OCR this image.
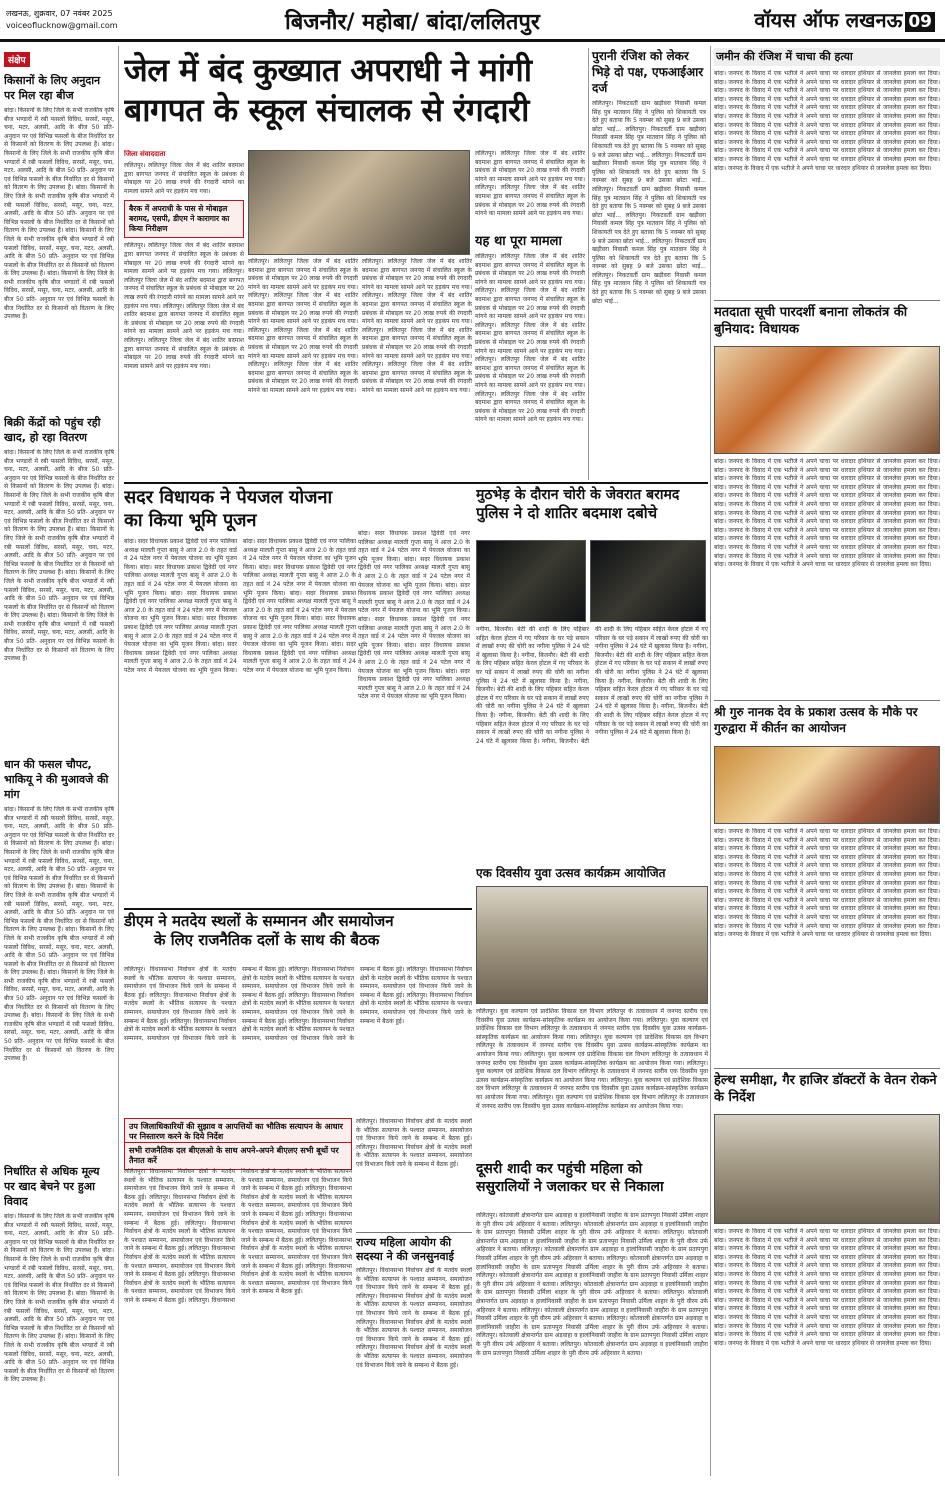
लखनऊ, शुक्रवार, 07 नवंबर 2025
voiceoflucknow@gmail.com	बिजनौर/ महोबा/ बांदा/ललितपुर	वॉयस ऑफ लखनऊ 09
संक्षेप
किसानों के लिए अनुदान पर मिल रहा बीज
बांदा। किसानों के लिए जिले के सभी राजकीय कृषि बीज भण्डारों में रबी फसलों विविध, सरसों, मसूर, चना, मटर, अलसी, आदि के बीज 50 प्रति- अनुदान पर एवं विभिन्न फसलों के बीज निर्धारित दर से किसानों को वितरण के लिए उपलब्ध हैं। बांदा। किसानों के लिए जिले के सभी राजकीय कृषि बीज भण्डारों में रबी फसलों विविध, सरसों, मसूर, चना, मटर, अलसी, आदि के बीज 50 प्रति- अनुदान पर एवं विभिन्न फसलों के बीज निर्धारित दर से किसानों को वितरण के लिए उपलब्ध हैं। बांदा। किसानों के लिए जिले के सभी राजकीय कृषि बीज भण्डारों में रबी फसलों विविध, सरसों, मसूर, चना, मटर, अलसी, आदि के बीज 50 प्रति- अनुदान पर एवं विभिन्न फसलों के बीज निर्धारित दर से किसानों को वितरण के लिए उपलब्ध हैं। बांदा। किसानों के लिए जिले के सभी राजकीय कृषि बीज भण्डारों में रबी फसलों विविध, सरसों, मसूर, चना, मटर, अलसी, आदि के बीज 50 प्रति- अनुदान पर एवं विभिन्न फसलों के बीज निर्धारित दर से किसानों को वितरण के लिए उपलब्ध हैं। बांदा। किसानों के लिए जिले के सभी राजकीय कृषि बीज भण्डारों में रबी फसलों विविध, सरसों, मसूर, चना, मटर, अलसी, आदि के बीज 50 प्रति- अनुदान पर एवं विभिन्न फसलों के बीज निर्धारित दर से किसानों को वितरण के लिए उपलब्ध हैं।
बिक्री केंद्रों को पहुंच रही खाद, हो रहा वितरण
बांदा। किसानों के लिए जिले के सभी राजकीय कृषि बीज भण्डारों में रबी फसलों विविध, सरसों, मसूर, चना, मटर, अलसी, आदि के बीज 50 प्रति- अनुदान पर एवं विभिन्न फसलों के बीज निर्धारित दर से किसानों को वितरण के लिए उपलब्ध हैं। बांदा। किसानों के लिए जिले के सभी राजकीय कृषि बीज भण्डारों में रबी फसलों विविध, सरसों, मसूर, चना, मटर, अलसी, आदि के बीज 50 प्रति- अनुदान पर एवं विभिन्न फसलों के बीज निर्धारित दर से किसानों को वितरण के लिए उपलब्ध हैं। बांदा। किसानों के लिए जिले के सभी राजकीय कृषि बीज भण्डारों में रबी फसलों विविध, सरसों, मसूर, चना, मटर, अलसी, आदि के बीज 50 प्रति- अनुदान पर एवं विभिन्न फसलों के बीज निर्धारित दर से किसानों को वितरण के लिए उपलब्ध हैं। बांदा। किसानों के लिए जिले के सभी राजकीय कृषि बीज भण्डारों में रबी फसलों विविध, सरसों, मसूर, चना, मटर, अलसी, आदि के बीज 50 प्रति- अनुदान पर एवं विभिन्न फसलों के बीज निर्धारित दर से किसानों को वितरण के लिए उपलब्ध हैं। बांदा। किसानों के लिए जिले के सभी राजकीय कृषि बीज भण्डारों में रबी फसलों विविध, सरसों, मसूर, चना, मटर, अलसी, आदि के बीज 50 प्रति- अनुदान पर एवं विभिन्न फसलों के बीज निर्धारित दर से किसानों को वितरण के लिए उपलब्ध हैं।
धान की फसल चौपट, भाकियू ने की मुआवजे की मांग
बांदा। किसानों के लिए जिले के सभी राजकीय कृषि बीज भण्डारों में रबी फसलों विविध, सरसों, मसूर, चना, मटर, अलसी, आदि के बीज 50 प्रति- अनुदान पर एवं विभिन्न फसलों के बीज निर्धारित दर से किसानों को वितरण के लिए उपलब्ध हैं। बांदा। किसानों के लिए जिले के सभी राजकीय कृषि बीज भण्डारों में रबी फसलों विविध, सरसों, मसूर, चना, मटर, अलसी, आदि के बीज 50 प्रति- अनुदान पर एवं विभिन्न फसलों के बीज निर्धारित दर से किसानों को वितरण के लिए उपलब्ध हैं। बांदा। किसानों के लिए जिले के सभी राजकीय कृषि बीज भण्डारों में रबी फसलों विविध, सरसों, मसूर, चना, मटर, अलसी, आदि के बीज 50 प्रति- अनुदान पर एवं विभिन्न फसलों के बीज निर्धारित दर से किसानों को वितरण के लिए उपलब्ध हैं। बांदा। किसानों के लिए जिले के सभी राजकीय कृषि बीज भण्डारों में रबी फसलों विविध, सरसों, मसूर, चना, मटर, अलसी, आदि के बीज 50 प्रति- अनुदान पर एवं विभिन्न फसलों के बीज निर्धारित दर से किसानों को वितरण के लिए उपलब्ध हैं। बांदा। किसानों के लिए जिले के सभी राजकीय कृषि बीज भण्डारों में रबी फसलों विविध, सरसों, मसूर, चना, मटर, अलसी, आदि के बीज 50 प्रति- अनुदान पर एवं विभिन्न फसलों के बीज निर्धारित दर से किसानों को वितरण के लिए उपलब्ध हैं। बांदा। किसानों के लिए जिले के सभी राजकीय कृषि बीज भण्डारों में रबी फसलों विविध, सरसों, मसूर, चना, मटर, अलसी, आदि के बीज 50 प्रति- अनुदान पर एवं विभिन्न फसलों के बीज निर्धारित दर से किसानों को वितरण के लिए उपलब्ध हैं।
निर्धारित से अधिक मूल्य पर खाद बेचने पर हुआ विवाद
बांदा। किसानों के लिए जिले के सभी राजकीय कृषि बीज भण्डारों में रबी फसलों विविध, सरसों, मसूर, चना, मटर, अलसी, आदि के बीज 50 प्रति- अनुदान पर एवं विभिन्न फसलों के बीज निर्धारित दर से किसानों को वितरण के लिए उपलब्ध हैं। बांदा। किसानों के लिए जिले के सभी राजकीय कृषि बीज भण्डारों में रबी फसलों विविध, सरसों, मसूर, चना, मटर, अलसी, आदि के बीज 50 प्रति- अनुदान पर एवं विभिन्न फसलों के बीज निर्धारित दर से किसानों को वितरण के लिए उपलब्ध हैं। बांदा। किसानों के लिए जिले के सभी राजकीय कृषि बीज भण्डारों में रबी फसलों विविध, सरसों, मसूर, चना, मटर, अलसी, आदि के बीज 50 प्रति- अनुदान पर एवं विभिन्न फसलों के बीज निर्धारित दर से किसानों को वितरण के लिए उपलब्ध हैं। बांदा। किसानों के लिए जिले के सभी राजकीय कृषि बीज भण्डारों में रबी फसलों विविध, सरसों, मसूर, चना, मटर, अलसी, आदि के बीज 50 प्रति- अनुदान पर एवं विभिन्न फसलों के बीज निर्धारित दर से किसानों को वितरण के लिए उपलब्ध हैं।
जेल में बंद कुख्यात अपराधी ने मांगी
बागपत के स्कूल संचालक से रंगदारी
जिला संवाददाता
ललितपुर। ललितपुर जिला जेल में बंद शातिर बदमाश द्वारा बागपत जनपद में संचालित स्कूल के प्रबंधक से मोबाइल पर 20 लाख रुपये की रंगदारी मांगने का मामला सामने आने पर हड़कंप मच गया।
बैरक में अपराधी के पास से मोबाइल बरामद, एसपी, डीएम ने कारागार का किया निरीक्षण
ललितपुर। ललितपुर जिला जेल में बंद शातिर बदमाश द्वारा बागपत जनपद में संचालित स्कूल के प्रबंधक से मोबाइल पर 20 लाख रुपये की रंगदारी मांगने का मामला सामने आने पर हड़कंप मच गया। ललितपुर। ललितपुर जिला जेल में बंद शातिर बदमाश द्वारा बागपत जनपद में संचालित स्कूल के प्रबंधक से मोबाइल पर 20 लाख रुपये की रंगदारी मांगने का मामला सामने आने पर हड़कंप मच गया। ललितपुर। ललितपुर जिला जेल में बंद शातिर बदमाश द्वारा बागपत जनपद में संचालित स्कूल के प्रबंधक से मोबाइल पर 20 लाख रुपये की रंगदारी मांगने का मामला सामने आने पर हड़कंप मच गया। ललितपुर। ललितपुर जिला जेल में बंद शातिर बदमाश द्वारा बागपत जनपद में संचालित स्कूल के प्रबंधक से मोबाइल पर 20 लाख रुपये की रंगदारी मांगने का मामला सामने आने पर हड़कंप मच गया।
ललितपुर। ललितपुर जिला जेल में बंद शातिर बदमाश द्वारा बागपत जनपद में संचालित स्कूल के प्रबंधक से मोबाइल पर 20 लाख रुपये की रंगदारी मांगने का मामला सामने आने पर हड़कंप मच गया। ललितपुर। ललितपुर जिला जेल में बंद शातिर बदमाश द्वारा बागपत जनपद में संचालित स्कूल के प्रबंधक से मोबाइल पर 20 लाख रुपये की रंगदारी मांगने का मामला सामने आने पर हड़कंप मच गया। ललितपुर। ललितपुर जिला जेल में बंद शातिर बदमाश द्वारा बागपत जनपद में संचालित स्कूल के प्रबंधक से मोबाइल पर 20 लाख रुपये की रंगदारी मांगने का मामला सामने आने पर हड़कंप मच गया। ललितपुर। ललितपुर जिला जेल में बंद शातिर बदमाश द्वारा बागपत जनपद में संचालित स्कूल के प्रबंधक से मोबाइल पर 20 लाख रुपये की रंगदारी मांगने का मामला सामने आने पर हड़कंप मच गया।
ललितपुर। ललितपुर जिला जेल में बंद शातिर बदमाश द्वारा बागपत जनपद में संचालित स्कूल के प्रबंधक से मोबाइल पर 20 लाख रुपये की रंगदारी मांगने का मामला सामने आने पर हड़कंप मच गया। ललितपुर। ललितपुर जिला जेल में बंद शातिर बदमाश द्वारा बागपत जनपद में संचालित स्कूल के प्रबंधक से मोबाइल पर 20 लाख रुपये की रंगदारी मांगने का मामला सामने आने पर हड़कंप मच गया। ललितपुर। ललितपुर जिला जेल में बंद शातिर बदमाश द्वारा बागपत जनपद में संचालित स्कूल के प्रबंधक से मोबाइल पर 20 लाख रुपये की रंगदारी मांगने का मामला सामने आने पर हड़कंप मच गया। ललितपुर। ललितपुर जिला जेल में बंद शातिर बदमाश द्वारा बागपत जनपद में संचालित स्कूल के प्रबंधक से मोबाइल पर 20 लाख रुपये की रंगदारी मांगने का मामला सामने आने पर हड़कंप मच गया।
ललितपुर। ललितपुर जिला जेल में बंद शातिर बदमाश द्वारा बागपत जनपद में संचालित स्कूल के प्रबंधक से मोबाइल पर 20 लाख रुपये की रंगदारी मांगने का मामला सामने आने पर हड़कंप मच गया। ललितपुर। ललितपुर जिला जेल में बंद शातिर बदमाश द्वारा बागपत जनपद में संचालित स्कूल के प्रबंधक से मोबाइल पर 20 लाख रुपये की रंगदारी मांगने का मामला सामने आने पर हड़कंप मच गया।
यह था पूरा मामला
ललितपुर। ललितपुर जिला जेल में बंद शातिर बदमाश द्वारा बागपत जनपद में संचालित स्कूल के प्रबंधक से मोबाइल पर 20 लाख रुपये की रंगदारी मांगने का मामला सामने आने पर हड़कंप मच गया। ललितपुर। ललितपुर जिला जेल में बंद शातिर बदमाश द्वारा बागपत जनपद में संचालित स्कूल के प्रबंधक से मोबाइल पर 20 लाख रुपये की रंगदारी मांगने का मामला सामने आने पर हड़कंप मच गया। ललितपुर। ललितपुर जिला जेल में बंद शातिर बदमाश द्वारा बागपत जनपद में संचालित स्कूल के प्रबंधक से मोबाइल पर 20 लाख रुपये की रंगदारी मांगने का मामला सामने आने पर हड़कंप मच गया। ललितपुर। ललितपुर जिला जेल में बंद शातिर बदमाश द्वारा बागपत जनपद में संचालित स्कूल के प्रबंधक से मोबाइल पर 20 लाख रुपये की रंगदारी मांगने का मामला सामने आने पर हड़कंप मच गया। ललितपुर। ललितपुर जिला जेल में बंद शातिर बदमाश द्वारा बागपत जनपद में संचालित स्कूल के प्रबंधक से मोबाइल पर 20 लाख रुपये की रंगदारी मांगने का मामला सामने आने पर हड़कंप मच गया।
पुरानी रंजिश को लेकर भिड़े दो पक्ष, एफआईआर दर्ज
ललितपुर। निकटवर्ती ग्राम खड़ीवरा निवासी कमल सिंह पुत्र मातवान सिंह ने पुलिस को शिकायती पत्र देते हुए बताया कि 5 नवम्बर को सुबह 9 बजे उसका छोटा भाई... ललितपुर। निकटवर्ती ग्राम खड़ीवरा निवासी कमल सिंह पुत्र मातवान सिंह ने पुलिस को शिकायती पत्र देते हुए बताया कि 5 नवम्बर को सुबह 9 बजे उसका छोटा भाई... ललितपुर। निकटवर्ती ग्राम खड़ीवरा निवासी कमल सिंह पुत्र मातवान सिंह ने पुलिस को शिकायती पत्र देते हुए बताया कि 5 नवम्बर को सुबह 9 बजे उसका छोटा भाई... ललितपुर। निकटवर्ती ग्राम खड़ीवरा निवासी कमल सिंह पुत्र मातवान सिंह ने पुलिस को शिकायती पत्र देते हुए बताया कि 5 नवम्बर को सुबह 9 बजे उसका छोटा भाई... ललितपुर। निकटवर्ती ग्राम खड़ीवरा निवासी कमल सिंह पुत्र मातवान सिंह ने पुलिस को शिकायती पत्र देते हुए बताया कि 5 नवम्बर को सुबह 9 बजे उसका छोटा भाई... ललितपुर। निकटवर्ती ग्राम खड़ीवरा निवासी कमल सिंह पुत्र मातवान सिंह ने पुलिस को शिकायती पत्र देते हुए बताया कि 5 नवम्बर को सुबह 9 बजे उसका छोटा भाई... ललितपुर। निकटवर्ती ग्राम खड़ीवरा निवासी कमल सिंह पुत्र मातवान सिंह ने पुलिस को शिकायती पत्र देते हुए बताया कि 5 नवम्बर को सुबह 9 बजे उसका छोटा भाई...
सदर विधायक ने पेयजल योजना का किया भूमि पूजन
बांदा। सदर विधायक प्रकाश द्विवेदी एवं नगर पालिका अध्यक्ष मालती गुप्ता बासु ने आज 2.0 के तहत वार्ड नं 24 पटेल नगर में पेयजल योजना का भूमि पूजन किया। बांदा। सदर विधायक प्रकाश द्विवेदी एवं नगर पालिका अध्यक्ष मालती गुप्ता बासु ने आज 2.0 के तहत वार्ड नं 24 पटेल नगर में पेयजल योजना का भूमि पूजन किया। बांदा। सदर विधायक प्रकाश द्विवेदी एवं नगर पालिका अध्यक्ष मालती गुप्ता बासु ने आज 2.0 के तहत वार्ड नं 24 पटेल नगर में पेयजल योजना का भूमि पूजन किया। बांदा। सदर विधायक प्रकाश द्विवेदी एवं नगर पालिका अध्यक्ष मालती गुप्ता बासु ने आज 2.0 के तहत वार्ड नं 24 पटेल नगर में पेयजल योजना का भूमि पूजन किया। बांदा। सदर विधायक प्रकाश द्विवेदी एवं नगर पालिका अध्यक्ष मालती गुप्ता बासु ने आज 2.0 के तहत वार्ड नं 24 पटेल नगर में पेयजल योजना का भूमि पूजन किया। बांदा। सदर विधायक प्रकाश द्विवेदी एवं नगर पालिका अध्यक्ष मालती गुप्ता बासु ने आज 2.0 के तहत वार्ड नं 24 पटेल नगर में पेयजल योजना का भूमि पूजन किया। बांदा। सदर विधायक प्रकाश द्विवेदी एवं नगर पालिका अध्यक्ष मालती गुप्ता बासु ने आज 2.0 के तहत वार्ड नं 24 पटेल नगर में पेयजल योजना का भूमि पूजन किया। बांदा। सदर विधायक प्रकाश द्विवेदी एवं नगर पालिका अध्यक्ष मालती गुप्ता बासु ने आज 2.0 के तहत वार्ड नं 24 पटेल नगर में पेयजल योजना का भूमि पूजन किया। बांदा। सदर विधायक प्रकाश द्विवेदी एवं नगर पालिका अध्यक्ष मालती गुप्ता बासु ने आज 2.0 के तहत वार्ड नं 24 पटेल नगर में पेयजल योजना का भूमि पूजन किया। बांदा। सदर विधायक प्रकाश द्विवेदी एवं नगर पालिका अध्यक्ष मालती गुप्ता बासु ने आज 2.0 के तहत वार्ड नं 24 पटेल नगर में पेयजल योजना का भूमि पूजन किया।
बांदा। सदर विधायक प्रकाश द्विवेदी एवं नगर पालिका अध्यक्ष मालती गुप्ता बासु ने आज 2.0 के तहत वार्ड नं 24 पटेल नगर में पेयजल योजना का भूमि पूजन किया। बांदा। सदर विधायक प्रकाश द्विवेदी एवं नगर पालिका अध्यक्ष मालती गुप्ता बासु ने आज 2.0 के तहत वार्ड नं 24 पटेल नगर में पेयजल योजना का भूमि पूजन किया। बांदा। सदर विधायक प्रकाश द्विवेदी एवं नगर पालिका अध्यक्ष मालती गुप्ता बासु ने आज 2.0 के तहत वार्ड नं 24 पटेल नगर में पेयजल योजना का भूमि पूजन किया। बांदा। सदर विधायक प्रकाश द्विवेदी एवं नगर पालिका अध्यक्ष मालती गुप्ता बासु ने आज 2.0 के तहत वार्ड नं 24 पटेल नगर में पेयजल योजना का भूमि पूजन किया। बांदा। सदर विधायक प्रकाश द्विवेदी एवं नगर पालिका अध्यक्ष मालती गुप्ता बासु ने आज 2.0 के तहत वार्ड नं 24 पटेल नगर में पेयजल योजना का भूमि पूजन किया। बांदा। सदर विधायक प्रकाश द्विवेदी एवं नगर पालिका अध्यक्ष मालती गुप्ता बासु ने आज 2.0 के तहत वार्ड नं 24 पटेल नगर में पेयजल योजना का भूमि पूजन किया।
मुठभेड़ के दौरान चोरी के जेवरात बरामद
पुलिस ने दो शातिर बदमाश दबोचे
नगीना, बिजनौर। बेटी की शादी के लिए पहिबार सहित केरल होटल में गए परिवार के घर पड़े सकान में लाखों रुपए की चोरी का नगीना पुलिस ने 24 घंटे में खुलासा किया है। नगीना, बिजनौर। बेटी की शादी के लिए पहिबार सहित केरल होटल में गए परिवार के घर पड़े सकान में लाखों रुपए की चोरी का नगीना पुलिस ने 24 घंटे में खुलासा किया है। नगीना, बिजनौर। बेटी की शादी के लिए पहिबार सहित केरल होटल में गए परिवार के घर पड़े सकान में लाखों रुपए की चोरी का नगीना पुलिस ने 24 घंटे में खुलासा किया है। नगीना, बिजनौर। बेटी की शादी के लिए पहिबार सहित केरल होटल में गए परिवार के घर पड़े सकान में लाखों रुपए की चोरी का नगीना पुलिस ने 24 घंटे में खुलासा किया है। नगीना, बिजनौर। बेटी की शादी के लिए पहिबार सहित केरल होटल में गए परिवार के घर पड़े सकान में लाखों रुपए की चोरी का नगीना पुलिस ने 24 घंटे में खुलासा किया है। नगीना, बिजनौर। बेटी की शादी के लिए पहिबार सहित केरल होटल में गए परिवार के घर पड़े सकान में लाखों रुपए की चोरी का नगीना पुलिस ने 24 घंटे में खुलासा किया है। नगीना, बिजनौर। बेटी की शादी के लिए पहिबार सहित केरल होटल में गए परिवार के घर पड़े सकान में लाखों रुपए की चोरी का नगीना पुलिस ने 24 घंटे में खुलासा किया है। नगीना, बिजनौर। बेटी की शादी के लिए पहिबार सहित केरल होटल में गए परिवार के घर पड़े सकान में लाखों रुपए की चोरी का नगीना पुलिस ने 24 घंटे में खुलासा किया है।
डीएम ने मतदेय स्थलों के सम्मानन और समायोजन
के लिए राजनैतिक दलों के साथ की बैठक
ललितपुर। विधानसभा निर्वाचन क्षेत्रों के मतदेय स्थलों के भौतिक सत्यापन के पश्चात सम्मानन, समायोजन एवं विभाजन किये जाने के सम्बन्ध में बैठक हुई। ललितपुर। विधानसभा निर्वाचन क्षेत्रों के मतदेय स्थलों के भौतिक सत्यापन के पश्चात सम्मानन, समायोजन एवं विभाजन किये जाने के सम्बन्ध में बैठक हुई। ललितपुर। विधानसभा निर्वाचन क्षेत्रों के मतदेय स्थलों के भौतिक सत्यापन के पश्चात सम्मानन, समायोजन एवं विभाजन किये जाने के सम्बन्ध में बैठक हुई। ललितपुर। विधानसभा निर्वाचन क्षेत्रों के मतदेय स्थलों के भौतिक सत्यापन के पश्चात सम्मानन, समायोजन एवं विभाजन किये जाने के सम्बन्ध में बैठक हुई। ललितपुर। विधानसभा निर्वाचन क्षेत्रों के मतदेय स्थलों के भौतिक सत्यापन के पश्चात सम्मानन, समायोजन एवं विभाजन किये जाने के सम्बन्ध में बैठक हुई। ललितपुर। विधानसभा निर्वाचन क्षेत्रों के मतदेय स्थलों के भौतिक सत्यापन के पश्चात सम्मानन, समायोजन एवं विभाजन किये जाने के सम्बन्ध में बैठक हुई। ललितपुर। विधानसभा निर्वाचन क्षेत्रों के मतदेय स्थलों के भौतिक सत्यापन के पश्चात सम्मानन, समायोजन एवं विभाजन किये जाने के सम्बन्ध में बैठक हुई। ललितपुर। विधानसभा निर्वाचन क्षेत्रों के मतदेय स्थलों के भौतिक सत्यापन के पश्चात सम्मानन, समायोजन एवं विभाजन किये जाने के सम्बन्ध में बैठक हुई।
उप जिलाधिकारियों की सुझाव व आपत्तियों का भौतिक सत्यापन के आधार पर निस्तारण करने के दिये निर्देश
सभी राजनैतिक दल बीएलओ के साथ अपने-अपने बीएलए सभी बूथों पर तैनात करें
ललितपुर। विधानसभा निर्वाचन क्षेत्रों के मतदेय स्थलों के भौतिक सत्यापन के पश्चात सम्मानन, समायोजन एवं विभाजन किये जाने के सम्बन्ध में बैठक हुई। ललितपुर। विधानसभा निर्वाचन क्षेत्रों के मतदेय स्थलों के भौतिक सत्यापन के पश्चात सम्मानन, समायोजन एवं विभाजन किये जाने के सम्बन्ध में बैठक हुई। ललितपुर। विधानसभा निर्वाचन क्षेत्रों के मतदेय स्थलों के भौतिक सत्यापन के पश्चात सम्मानन, समायोजन एवं विभाजन किये जाने के सम्बन्ध में बैठक हुई। ललितपुर। विधानसभा निर्वाचन क्षेत्रों के मतदेय स्थलों के भौतिक सत्यापन के पश्चात सम्मानन, समायोजन एवं विभाजन किये जाने के सम्बन्ध में बैठक हुई। ललितपुर। विधानसभा निर्वाचन क्षेत्रों के मतदेय स्थलों के भौतिक सत्यापन के पश्चात सम्मानन, समायोजन एवं विभाजन किये जाने के सम्बन्ध में बैठक हुई। ललितपुर। विधानसभा निर्वाचन क्षेत्रों के मतदेय स्थलों के भौतिक सत्यापन के पश्चात सम्मानन, समायोजन एवं विभाजन किये जाने के सम्बन्ध में बैठक हुई। ललितपुर। विधानसभा निर्वाचन क्षेत्रों के मतदेय स्थलों के भौतिक सत्यापन के पश्चात सम्मानन, समायोजन एवं विभाजन किये जाने के सम्बन्ध में बैठक हुई। ललितपुर। विधानसभा निर्वाचन क्षेत्रों के मतदेय स्थलों के भौतिक सत्यापन के पश्चात सम्मानन, समायोजन एवं विभाजन किये जाने के सम्बन्ध में बैठक हुई। ललितपुर। विधानसभा निर्वाचन क्षेत्रों के मतदेय स्थलों के भौतिक सत्यापन के पश्चात सम्मानन, समायोजन एवं विभाजन किये जाने के सम्बन्ध में बैठक हुई। ललितपुर। विधानसभा निर्वाचन क्षेत्रों के मतदेय स्थलों के भौतिक सत्यापन के पश्चात सम्मानन, समायोजन एवं विभाजन किये जाने के सम्बन्ध में बैठक हुई।
ललितपुर। विधानसभा निर्वाचन क्षेत्रों के मतदेय स्थलों के भौतिक सत्यापन के पश्चात सम्मानन, समायोजन एवं विभाजन किये जाने के सम्बन्ध में बैठक हुई। ललितपुर। विधानसभा निर्वाचन क्षेत्रों के मतदेय स्थलों के भौतिक सत्यापन के पश्चात सम्मानन, समायोजन एवं विभाजन किये जाने के सम्बन्ध में बैठक हुई।
राज्य महिला आयोग की सदस्या ने की जनसुनवाई
ललितपुर। विधानसभा निर्वाचन क्षेत्रों के मतदेय स्थलों के भौतिक सत्यापन के पश्चात सम्मानन, समायोजन एवं विभाजन किये जाने के सम्बन्ध में बैठक हुई। ललितपुर। विधानसभा निर्वाचन क्षेत्रों के मतदेय स्थलों के भौतिक सत्यापन के पश्चात सम्मानन, समायोजन एवं विभाजन किये जाने के सम्बन्ध में बैठक हुई। ललितपुर। विधानसभा निर्वाचन क्षेत्रों के मतदेय स्थलों के भौतिक सत्यापन के पश्चात सम्मानन, समायोजन एवं विभाजन किये जाने के सम्बन्ध में बैठक हुई। ललितपुर। विधानसभा निर्वाचन क्षेत्रों के मतदेय स्थलों के भौतिक सत्यापन के पश्चात सम्मानन, समायोजन एवं विभाजन किये जाने के सम्बन्ध में बैठक हुई।
एक दिवसीय युवा उत्सव कार्यक्रम आयोजित
ललितपुर। युवा कल्याण एवं प्रादेशिक विकास दल विभाग ललितपुर के तत्वावधान में जनपद स्तरीय एक दिवसीय युवा उत्सव कार्यक्रम-सांस्कृतिक कार्यक्रम का आयोजन किया गया। ललितपुर। युवा कल्याण एवं प्रादेशिक विकास दल विभाग ललितपुर के तत्वावधान में जनपद स्तरीय एक दिवसीय युवा उत्सव कार्यक्रम-सांस्कृतिक कार्यक्रम का आयोजन किया गया। ललितपुर। युवा कल्याण एवं प्रादेशिक विकास दल विभाग ललितपुर के तत्वावधान में जनपद स्तरीय एक दिवसीय युवा उत्सव कार्यक्रम-सांस्कृतिक कार्यक्रम का आयोजन किया गया। ललितपुर। युवा कल्याण एवं प्रादेशिक विकास दल विभाग ललितपुर के तत्वावधान में जनपद स्तरीय एक दिवसीय युवा उत्सव कार्यक्रम-सांस्कृतिक कार्यक्रम का आयोजन किया गया। ललितपुर। युवा कल्याण एवं प्रादेशिक विकास दल विभाग ललितपुर के तत्वावधान में जनपद स्तरीय एक दिवसीय युवा उत्सव कार्यक्रम-सांस्कृतिक कार्यक्रम का आयोजन किया गया। ललितपुर। युवा कल्याण एवं प्रादेशिक विकास दल विभाग ललितपुर के तत्वावधान में जनपद स्तरीय एक दिवसीय युवा उत्सव कार्यक्रम-सांस्कृतिक कार्यक्रम का आयोजन किया गया। ललितपुर। युवा कल्याण एवं प्रादेशिक विकास दल विभाग ललितपुर के तत्वावधान में जनपद स्तरीय एक दिवसीय युवा उत्सव कार्यक्रम-सांस्कृतिक कार्यक्रम का आयोजन किया गया।
दूसरी शादी कर पहुंची महिला को
ससुरालियों ने जलाकर घर से निकाला
ललितपुर। कोतवाली क्षेत्रान्तर्गत ग्राम अड़वाहा व हालांनिवासी जाहौरा के ग्राम प्रतापपुरा निवासी उर्मिला शाहार के पुरी वीरम उर्फ अहिरवार ने बताया। ललितपुर। कोतवाली क्षेत्रान्तर्गत ग्राम अड़वाहा व हालांनिवासी जाहौरा के ग्राम प्रतापपुरा निवासी उर्मिला शाहार के पुरी वीरम उर्फ अहिरवार ने बताया। ललितपुर। कोतवाली क्षेत्रान्तर्गत ग्राम अड़वाहा व हालांनिवासी जाहौरा के ग्राम प्रतापपुरा निवासी उर्मिला शाहार के पुरी वीरम उर्फ अहिरवार ने बताया। ललितपुर। कोतवाली क्षेत्रान्तर्गत ग्राम अड़वाहा व हालांनिवासी जाहौरा के ग्राम प्रतापपुरा निवासी उर्मिला शाहार के पुरी वीरम उर्फ अहिरवार ने बताया। ललितपुर। कोतवाली क्षेत्रान्तर्गत ग्राम अड़वाहा व हालांनिवासी जाहौरा के ग्राम प्रतापपुरा निवासी उर्मिला शाहार के पुरी वीरम उर्फ अहिरवार ने बताया। ललितपुर। कोतवाली क्षेत्रान्तर्गत ग्राम अड़वाहा व हालांनिवासी जाहौरा के ग्राम प्रतापपुरा निवासी उर्मिला शाहार के पुरी वीरम उर्फ अहिरवार ने बताया। ललितपुर। कोतवाली क्षेत्रान्तर्गत ग्राम अड़वाहा व हालांनिवासी जाहौरा के ग्राम प्रतापपुरा निवासी उर्मिला शाहार के पुरी वीरम उर्फ अहिरवार ने बताया। ललितपुर। कोतवाली क्षेत्रान्तर्गत ग्राम अड़वाहा व हालांनिवासी जाहौरा के ग्राम प्रतापपुरा निवासी उर्मिला शाहार के पुरी वीरम उर्फ अहिरवार ने बताया। ललितपुर। कोतवाली क्षेत्रान्तर्गत ग्राम अड़वाहा व हालांनिवासी जाहौरा के ग्राम प्रतापपुरा निवासी उर्मिला शाहार के पुरी वीरम उर्फ अहिरवार ने बताया। ललितपुर। कोतवाली क्षेत्रान्तर्गत ग्राम अड़वाहा व हालांनिवासी जाहौरा के ग्राम प्रतापपुरा निवासी उर्मिला शाहार के पुरी वीरम उर्फ अहिरवार ने बताया। ललितपुर। कोतवाली क्षेत्रान्तर्गत ग्राम अड़वाहा व हालांनिवासी जाहौरा के ग्राम प्रतापपुरा निवासी उर्मिला शाहार के पुरी वीरम उर्फ अहिरवार ने बताया। ललितपुर। कोतवाली क्षेत्रान्तर्गत ग्राम अड़वाहा व हालांनिवासी जाहौरा के ग्राम प्रतापपुरा निवासी उर्मिला शाहार के पुरी वीरम उर्फ अहिरवार ने बताया।
जमीन की रंजिश में चाचा की हत्या
बांदा। जनपद के विवाद में एक भतीजे ने अपने चाचा पर धारदार हथियार से जानलेवा हमला कर दिया। बांदा। जनपद के विवाद में एक भतीजे ने अपने चाचा पर धारदार हथियार से जानलेवा हमला कर दिया। बांदा। जनपद के विवाद में एक भतीजे ने अपने चाचा पर धारदार हथियार से जानलेवा हमला कर दिया। बांदा। जनपद के विवाद में एक भतीजे ने अपने चाचा पर धारदार हथियार से जानलेवा हमला कर दिया। बांदा। जनपद के विवाद में एक भतीजे ने अपने चाचा पर धारदार हथियार से जानलेवा हमला कर दिया। बांदा। जनपद के विवाद में एक भतीजे ने अपने चाचा पर धारदार हथियार से जानलेवा हमला कर दिया। बांदा। जनपद के विवाद में एक भतीजे ने अपने चाचा पर धारदार हथियार से जानलेवा हमला कर दिया। बांदा। जनपद के विवाद में एक भतीजे ने अपने चाचा पर धारदार हथियार से जानलेवा हमला कर दिया। बांदा। जनपद के विवाद में एक भतीजे ने अपने चाचा पर धारदार हथियार से जानलेवा हमला कर दिया। बांदा। जनपद के विवाद में एक भतीजे ने अपने चाचा पर धारदार हथियार से जानलेवा हमला कर दिया। बांदा। जनपद के विवाद में एक भतीजे ने अपने चाचा पर धारदार हथियार से जानलेवा हमला कर दिया। बांदा। जनपद के विवाद में एक भतीजे ने अपने चाचा पर धारदार हथियार से जानलेवा हमला कर दिया।
मतदाता सूची पारदर्शी बनाना लोकतंत्र की बुनियाद: विधायक
बांदा। जनपद के विवाद में एक भतीजे ने अपने चाचा पर धारदार हथियार से जानलेवा हमला कर दिया। बांदा। जनपद के विवाद में एक भतीजे ने अपने चाचा पर धारदार हथियार से जानलेवा हमला कर दिया। बांदा। जनपद के विवाद में एक भतीजे ने अपने चाचा पर धारदार हथियार से जानलेवा हमला कर दिया। बांदा। जनपद के विवाद में एक भतीजे ने अपने चाचा पर धारदार हथियार से जानलेवा हमला कर दिया। बांदा। जनपद के विवाद में एक भतीजे ने अपने चाचा पर धारदार हथियार से जानलेवा हमला कर दिया। बांदा। जनपद के विवाद में एक भतीजे ने अपने चाचा पर धारदार हथियार से जानलेवा हमला कर दिया। बांदा। जनपद के विवाद में एक भतीजे ने अपने चाचा पर धारदार हथियार से जानलेवा हमला कर दिया। बांदा। जनपद के विवाद में एक भतीजे ने अपने चाचा पर धारदार हथियार से जानलेवा हमला कर दिया। बांदा। जनपद के विवाद में एक भतीजे ने अपने चाचा पर धारदार हथियार से जानलेवा हमला कर दिया। बांदा। जनपद के विवाद में एक भतीजे ने अपने चाचा पर धारदार हथियार से जानलेवा हमला कर दिया। बांदा। जनपद के विवाद में एक भतीजे ने अपने चाचा पर धारदार हथियार से जानलेवा हमला कर दिया। बांदा। जनपद के विवाद में एक भतीजे ने अपने चाचा पर धारदार हथियार से जानलेवा हमला कर दिया। बांदा। जनपद के विवाद में एक भतीजे ने अपने चाचा पर धारदार हथियार से जानलेवा हमला कर दिया।
श्री गुरु नानक देव के प्रकाश उत्सव के मौके पर गुरुद्वारा में कीर्तन का आयोजन
बांदा। जनपद के विवाद में एक भतीजे ने अपने चाचा पर धारदार हथियार से जानलेवा हमला कर दिया। बांदा। जनपद के विवाद में एक भतीजे ने अपने चाचा पर धारदार हथियार से जानलेवा हमला कर दिया। बांदा। जनपद के विवाद में एक भतीजे ने अपने चाचा पर धारदार हथियार से जानलेवा हमला कर दिया। बांदा। जनपद के विवाद में एक भतीजे ने अपने चाचा पर धारदार हथियार से जानलेवा हमला कर दिया। बांदा। जनपद के विवाद में एक भतीजे ने अपने चाचा पर धारदार हथियार से जानलेवा हमला कर दिया। बांदा। जनपद के विवाद में एक भतीजे ने अपने चाचा पर धारदार हथियार से जानलेवा हमला कर दिया। बांदा। जनपद के विवाद में एक भतीजे ने अपने चाचा पर धारदार हथियार से जानलेवा हमला कर दिया। बांदा। जनपद के विवाद में एक भतीजे ने अपने चाचा पर धारदार हथियार से जानलेवा हमला कर दिया। बांदा। जनपद के विवाद में एक भतीजे ने अपने चाचा पर धारदार हथियार से जानलेवा हमला कर दिया। बांदा। जनपद के विवाद में एक भतीजे ने अपने चाचा पर धारदार हथियार से जानलेवा हमला कर दिया। बांदा। जनपद के विवाद में एक भतीजे ने अपने चाचा पर धारदार हथियार से जानलेवा हमला कर दिया। बांदा। जनपद के विवाद में एक भतीजे ने अपने चाचा पर धारदार हथियार से जानलेवा हमला कर दिया। बांदा। जनपद के विवाद में एक भतीजे ने अपने चाचा पर धारदार हथियार से जानलेवा हमला कर दिया।
हेल्थ समीक्षा, गैर हाजिर डॉक्टरों के वेतन रोकने के निर्देश
बांदा। जनपद के विवाद में एक भतीजे ने अपने चाचा पर धारदार हथियार से जानलेवा हमला कर दिया। बांदा। जनपद के विवाद में एक भतीजे ने अपने चाचा पर धारदार हथियार से जानलेवा हमला कर दिया। बांदा। जनपद के विवाद में एक भतीजे ने अपने चाचा पर धारदार हथियार से जानलेवा हमला कर दिया। बांदा। जनपद के विवाद में एक भतीजे ने अपने चाचा पर धारदार हथियार से जानलेवा हमला कर दिया। बांदा। जनपद के विवाद में एक भतीजे ने अपने चाचा पर धारदार हथियार से जानलेवा हमला कर दिया। बांदा। जनपद के विवाद में एक भतीजे ने अपने चाचा पर धारदार हथियार से जानलेवा हमला कर दिया। बांदा। जनपद के विवाद में एक भतीजे ने अपने चाचा पर धारदार हथियार से जानलेवा हमला कर दिया। बांदा। जनपद के विवाद में एक भतीजे ने अपने चाचा पर धारदार हथियार से जानलेवा हमला कर दिया। बांदा। जनपद के विवाद में एक भतीजे ने अपने चाचा पर धारदार हथियार से जानलेवा हमला कर दिया। बांदा। जनपद के विवाद में एक भतीजे ने अपने चाचा पर धारदार हथियार से जानलेवा हमला कर दिया। बांदा। जनपद के विवाद में एक भतीजे ने अपने चाचा पर धारदार हथियार से जानलेवा हमला कर दिया। बांदा। जनपद के विवाद में एक भतीजे ने अपने चाचा पर धारदार हथियार से जानलेवा हमला कर दिया। बांदा। जनपद के विवाद में एक भतीजे ने अपने चाचा पर धारदार हथियार से जानलेवा हमला कर दिया। बांदा। जनपद के विवाद में एक भतीजे ने अपने चाचा पर धारदार हथियार से जानलेवा हमला कर दिया।
